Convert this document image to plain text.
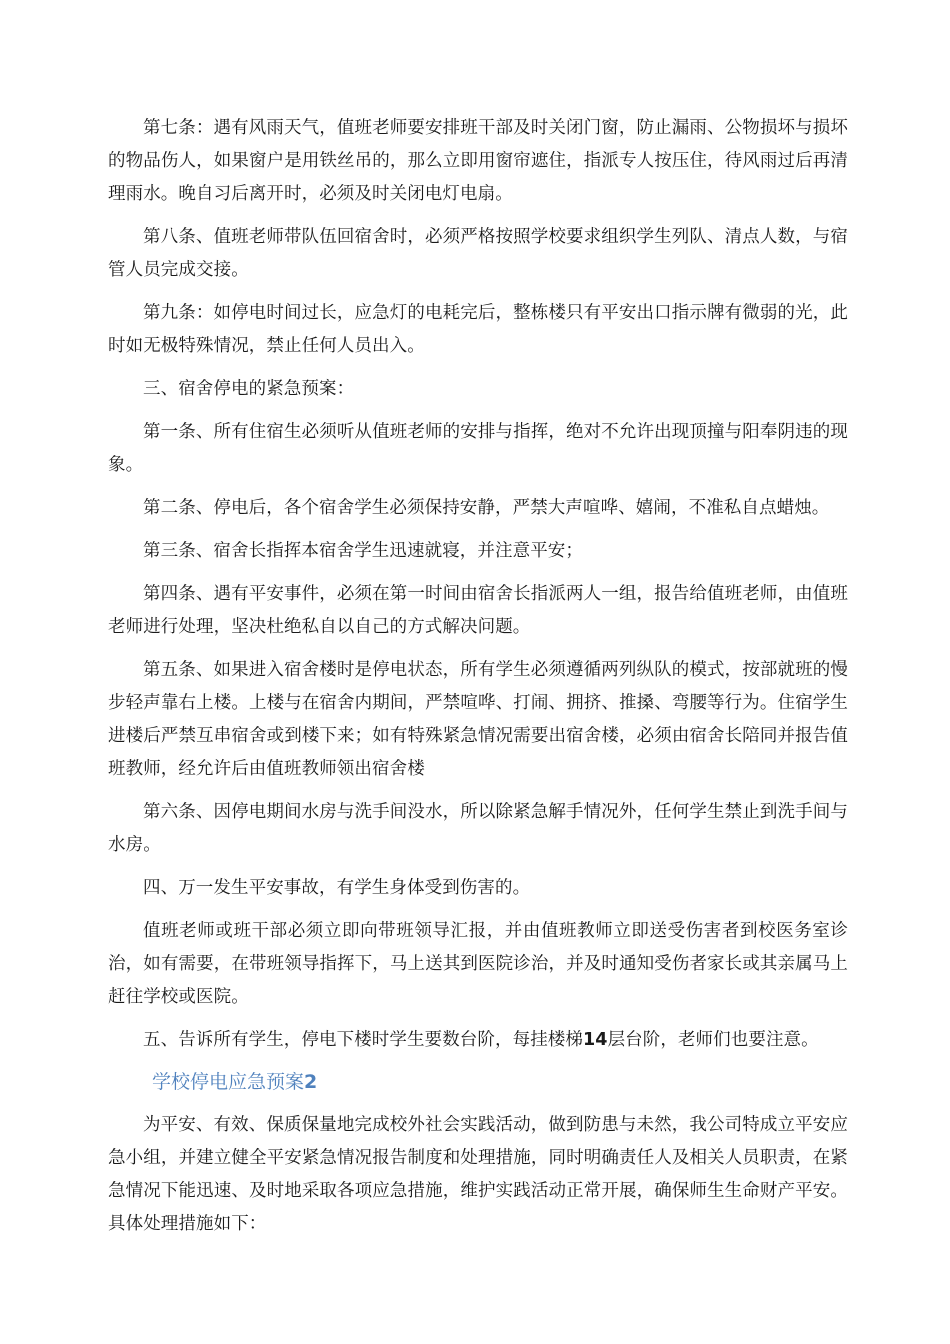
第七条：遇有风雨天气，值班老师要安排班干部及时关闭门窗，防止漏雨、公物损坏与损坏的物品伤人，如果窗户是用铁丝吊的，那么立即用窗帘遮住，指派专人按压住，待风雨过后再清理雨水。晚自习后离开时，必须及时关闭电灯电扇。

第八条、值班老师带队伍回宿舍时，必须严格按照学校要求组织学生列队、清点人数，与宿管人员完成交接。

第九条：如停电时间过长，应急灯的电耗完后，整栋楼只有平安出口指示牌有微弱的光，此时如无极特殊情况，禁止任何人员出入。

三、宿舍停电的紧急预案：

第一条、所有住宿生必须听从值班老师的安排与指挥，绝对不允许出现顶撞与阳奉阴违的现象。

第二条、停电后，各个宿舍学生必须保持安静，严禁大声喧哗、嬉闹，不准私自点蜡烛。

第三条、宿舍长指挥本宿舍学生迅速就寝，并注意平安；

第四条、遇有平安事件，必须在第一时间由宿舍长指派两人一组，报告给值班老师，由值班老师进行处理，坚决杜绝私自以自己的方式解决问题。

第五条、如果进入宿舍楼时是停电状态，所有学生必须遵循两列纵队的模式，按部就班的慢步轻声靠右上楼。上楼与在宿舍内期间，严禁喧哗、打闹、拥挤、推搡、弯腰等行为。住宿学生进楼后严禁互串宿舍或到楼下来；如有特殊紧急情况需要出宿舍楼，必须由宿舍长陪同并报告值班教师，经允许后由值班教师领出宿舍楼

第六条、因停电期间水房与洗手间没水，所以除紧急解手情况外，任何学生禁止到洗手间与水房。

四、万一发生平安事故，有学生身体受到伤害的。

值班老师或班干部必须立即向带班领导汇报，并由值班教师立即送受伤害者到校医务室诊治，如有需要，在带班领导指挥下，马上送其到医院诊治，并及时通知受伤者家长或其亲属马上赶往学校或医院。

五、告诉所有学生，停电下楼时学生要数台阶，每挂楼梯14层台阶，老师们也要注意。

学校停电应急预案2

为平安、有效、保质保量地完成校外社会实践活动，做到防患与未然，我公司特成立平安应急小组，并建立健全平安紧急情况报告制度和处理措施，同时明确责任人及相关人员职责，在紧急情况下能迅速、及时地采取各项应急措施，维护实践活动正常开展，确保师生生命财产平安。具体处理措施如下：
